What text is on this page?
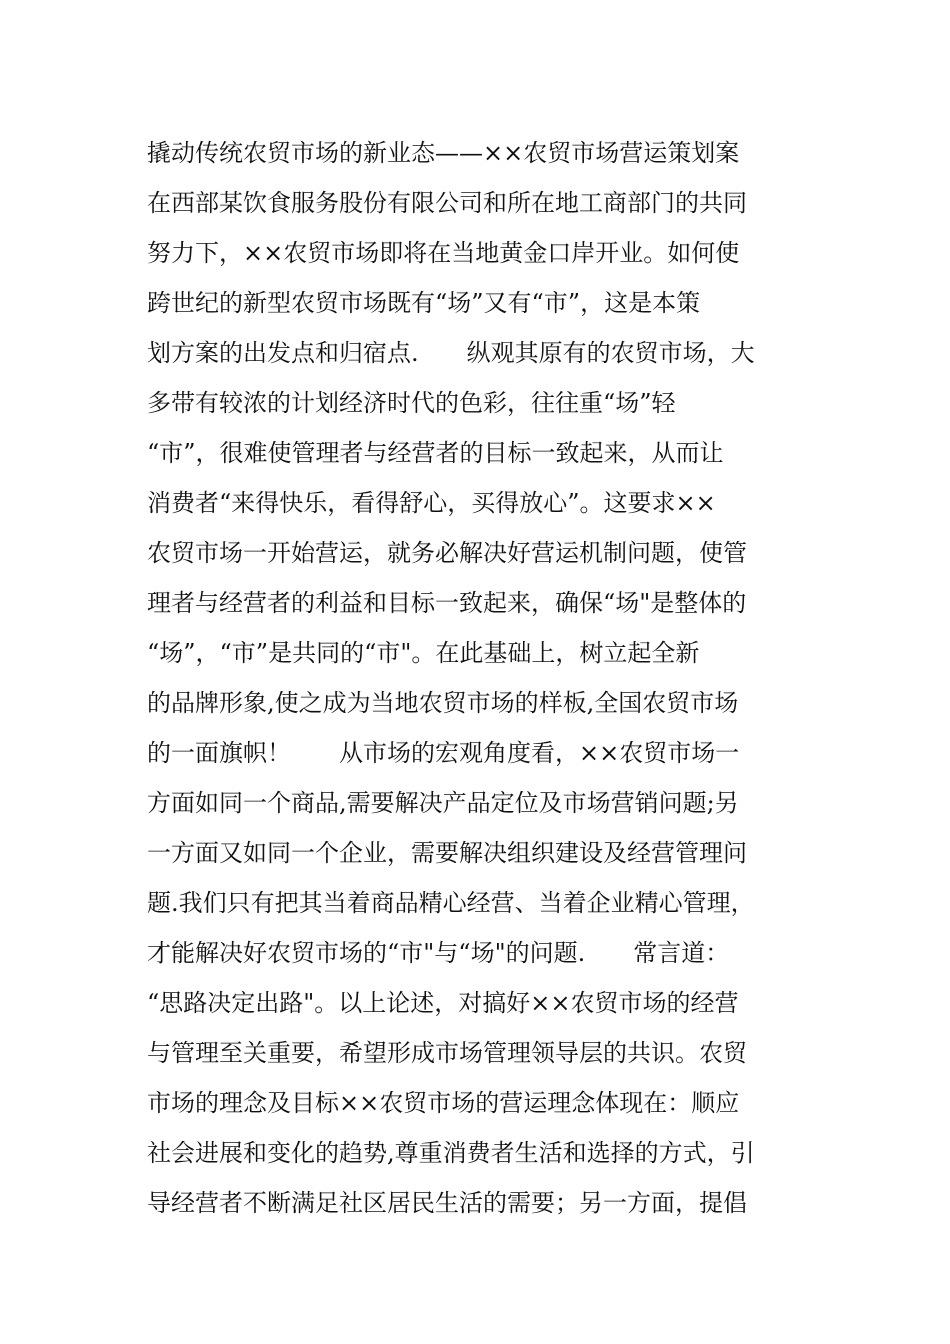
撬动传统农贸市场的新业态——××农贸市场营运策划案
在西部某饮食服务股份有限公司和所在地工商部门的共同
努力下，××农贸市场即将在当地黄金口岸开业。如何使
跨世纪的新型农贸市场既有“场”又有“市”，这是本策
划方案的出发点和归宿点.　　纵观其原有的农贸市场，大
多带有较浓的计划经济时代的色彩，往往重“场”轻
“市”，很难使管理者与经营者的目标一致起来，从而让
消费者“来得快乐，看得舒心，买得放心”。这要求××
农贸市场一开始营运，就务必解决好营运机制问题，使管
理者与经营者的利益和目标一致起来，确保“场"是整体的
“场”，“市”是共同的“市"。在此基础上，树立起全新
的品牌形象,使之成为当地农贸市场的样板,全国农贸市场
的一面旗帜！　　从市场的宏观角度看，××农贸市场一
方面如同一个商品,需要解决产品定位及市场营销问题;另
一方面又如同一个企业，需要解决组织建设及经营管理问
题.我们只有把其当着商品精心经营、当着企业精心管理，
才能解决好农贸市场的“市"与“场"的问题.　　常言道：
“思路决定出路"。以上论述，对搞好××农贸市场的经营
与管理至关重要，希望形成市场管理领导层的共识。农贸
市场的理念及目标××农贸市场的营运理念体现在：顺应
社会进展和变化的趋势,尊重消费者生活和选择的方式，引
导经营者不断满足社区居民生活的需要；另一方面，提倡
